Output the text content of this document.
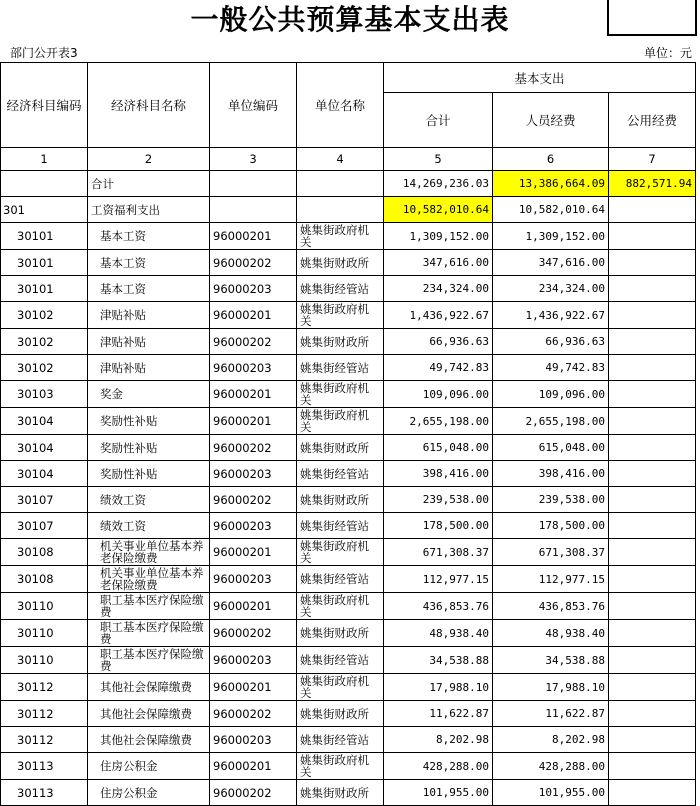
一般公共预算基本支出表
部门公开表3	单位：元
经济科目编码	经济科目名称	单位编码	单位名称	基本支出		
				合计	人员经费	公用经费
1	2	3	4	5	6	7
	合计			14,269,236.03	13,386,664.09	882,571.94
301	工资福利支出			10,582,010.64	10,582,010.64	
30101	基本工资	96000201	姚集街政府机关	1,309,152.00	1,309,152.00	
30101	基本工资	96000202	姚集街财政所	347,616.00	347,616.00	
30101	基本工资	96000203	姚集街经管站	234,324.00	234,324.00	
30102	津贴补贴	96000201	姚集街政府机关	1,436,922.67	1,436,922.67	
30102	津贴补贴	96000202	姚集街财政所	66,936.63	66,936.63	
30102	津贴补贴	96000203	姚集街经管站	49,742.83	49,742.83	
30103	奖金	96000201	姚集街政府机关	109,096.00	109,096.00	
30104	奖励性补贴	96000201	姚集街政府机关	2,655,198.00	2,655,198.00	
30104	奖励性补贴	96000202	姚集街财政所	615,048.00	615,048.00	
30104	奖励性补贴	96000203	姚集街经管站	398,416.00	398,416.00	
30107	绩效工资	96000202	姚集街财政所	239,538.00	239,538.00	
30107	绩效工资	96000203	姚集街经管站	178,500.00	178,500.00	
30108	机关事业单位基本养老保险缴费	96000201	姚集街政府机关	671,308.37	671,308.37	
30108	机关事业单位基本养老保险缴费	96000203	姚集街经管站	112,977.15	112,977.15	
30110	职工基本医疗保险缴费	96000201	姚集街政府机关	436,853.76	436,853.76	
30110	职工基本医疗保险缴费	96000202	姚集街财政所	48,938.40	48,938.40	
30110	职工基本医疗保险缴费	96000203	姚集街经管站	34,538.88	34,538.88	
30112	其他社会保障缴费	96000201	姚集街政府机关	17,988.10	17,988.10	
30112	其他社会保障缴费	96000202	姚集街财政所	11,622.87	11,622.87	
30112	其他社会保障缴费	96000203	姚集街经管站	8,202.98	8,202.98	
30113	住房公积金	96000201	姚集街政府机关	428,288.00	428,288.00	
30113	住房公积金	96000202	姚集街财政所	101,955.00	101,955.00	
